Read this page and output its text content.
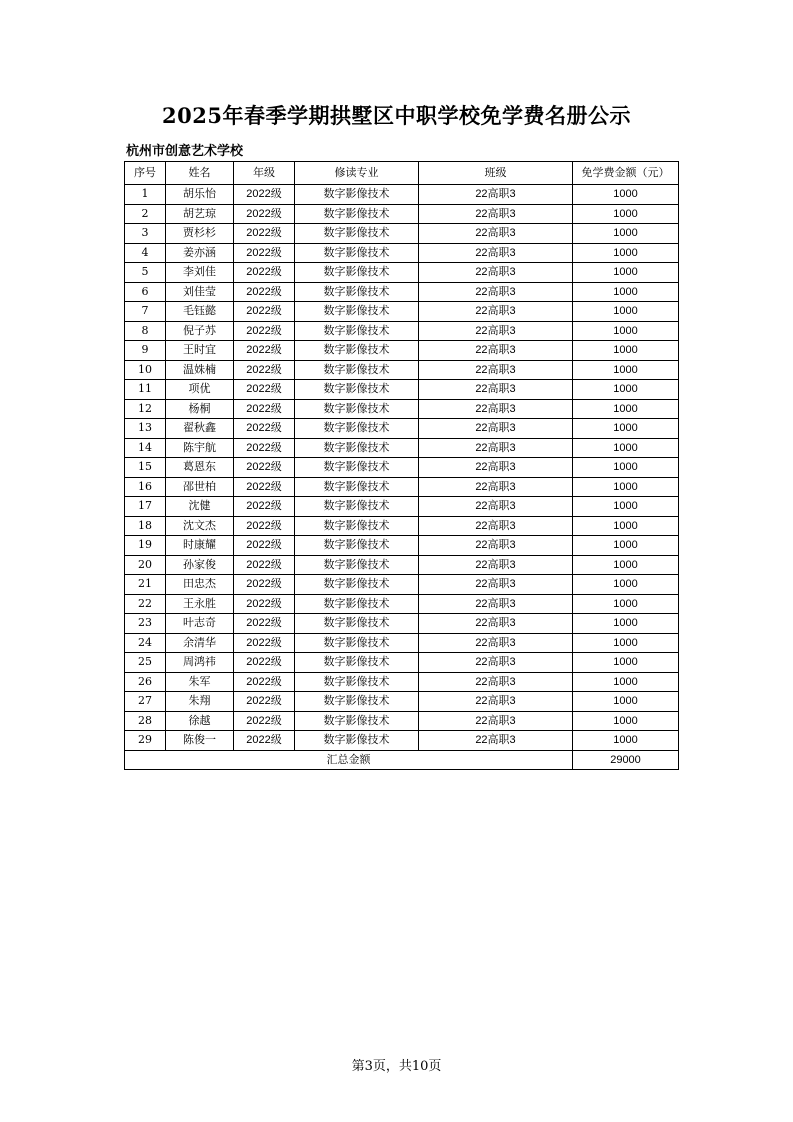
2025年春季学期拱墅区中职学校免学费名册公示
杭州市创意艺术学校
序号	姓名	年级	修读专业	班级	免学费金额（元）
1	胡乐怡	2022级	数字影像技术	22高职3	1000
2	胡艺琼	2022级	数字影像技术	22高职3	1000
3	贾杉杉	2022级	数字影像技术	22高职3	1000
4	姜亦涵	2022级	数字影像技术	22高职3	1000
5	李刘佳	2022级	数字影像技术	22高职3	1000
6	刘佳莹	2022级	数字影像技术	22高职3	1000
7	毛钰懿	2022级	数字影像技术	22高职3	1000
8	倪子苏	2022级	数字影像技术	22高职3	1000
9	王时宜	2022级	数字影像技术	22高职3	1000
10	温姝楠	2022级	数字影像技术	22高职3	1000
11	项优	2022级	数字影像技术	22高职3	1000
12	杨桐	2022级	数字影像技术	22高职3	1000
13	翟秋鑫	2022级	数字影像技术	22高职3	1000
14	陈宇航	2022级	数字影像技术	22高职3	1000
15	葛恩东	2022级	数字影像技术	22高职3	1000
16	邵世柏	2022级	数字影像技术	22高职3	1000
17	沈健	2022级	数字影像技术	22高职3	1000
18	沈文杰	2022级	数字影像技术	22高职3	1000
19	时康耀	2022级	数字影像技术	22高职3	1000
20	孙家俊	2022级	数字影像技术	22高职3	1000
21	田忠杰	2022级	数字影像技术	22高职3	1000
22	王永胜	2022级	数字影像技术	22高职3	1000
23	叶志奇	2022级	数字影像技术	22高职3	1000
24	余清华	2022级	数字影像技术	22高职3	1000
25	周鸿祎	2022级	数字影像技术	22高职3	1000
26	朱军	2022级	数字影像技术	22高职3	1000
27	朱翔	2022级	数字影像技术	22高职3	1000
28	徐越	2022级	数字影像技术	22高职3	1000
29	陈俊一	2022级	数字影像技术	22高职3	1000
汇总金额					29000
第3页，共10页
